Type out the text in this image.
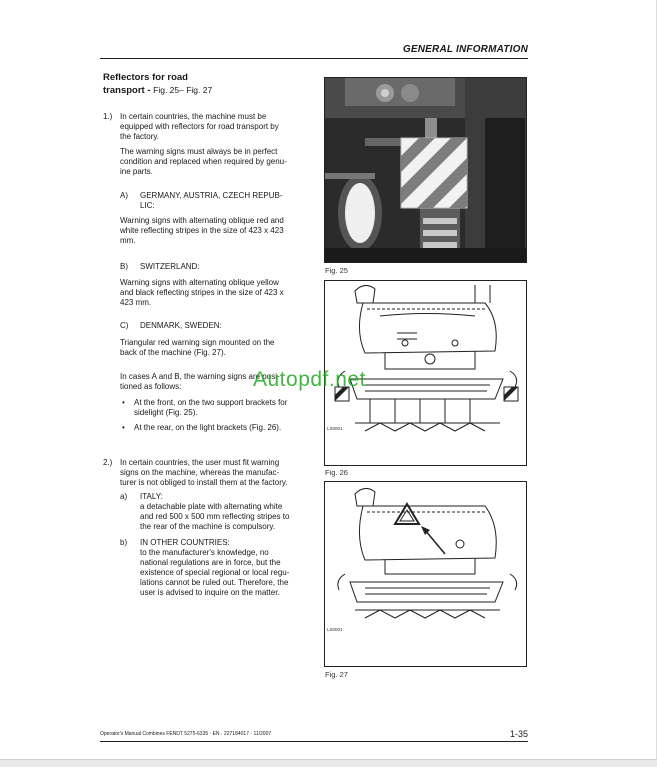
GENERAL INFORMATION
Reflectors for road
transport - Fig. 25– Fig. 27
1.) In certain countries, the machine must be
equipped with reflectors for road transport by
the factory.
The warning signs must always be in perfect
condition and replaced when required by genu-
ine parts.
A) GERMANY, AUSTRIA, CZECH REPUB-
LIC:
Warning signs with alternating oblique red and
white reflecting stripes in the size of 423 x 423
mm.
B) SWITZERLAND:
Warning signs with alternating oblique yellow
and black reflecting stripes in the size of 423 x
423 mm.
C) DENMARK, SWEDEN:
Triangular red warning sign mounted on the
back of the machine (Fig. 27).
In cases A and B, the warning signs are posi-
tioned as follows:
• At the front, on the two support brackets for
sidelight (Fig. 25).
• At the rear, on the light brackets (Fig. 26).
2.) In certain countries, the user must fit warning
signs on the machine, whereas the manufac-
turer is not obliged to install them at the factory.
a) ITALY:
a detachable plate with alternating white
and red 500 x 500 mm reflecting stripes to
the rear of the machine is compulsory.
b) IN OTHER COUNTRIES:
to the manufacturer's knowledge, no
national regulations are in force, but the
existence of special regional or local regu-
lations cannot be ruled out. Therefore, the
user is advised to inquire on the matter.
Fig. 25
LS0001
Fig. 26
LS0001
Fig. 27
Autopdf.net
Operator's Manual Combines FENDT 5275-6335 · EN · 227184017 · 11/2007	1-35
